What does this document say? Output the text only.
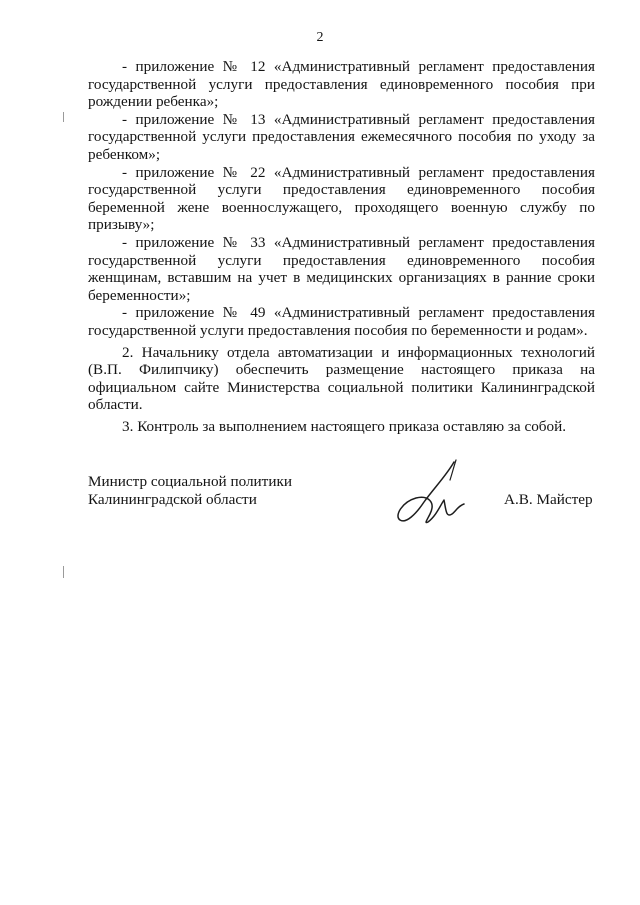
2

- приложение № 12 «Административный регламент предоставления государственной услуги предоставления единовременного пособия при рождении ребенка»;

- приложение № 13 «Административный регламент предоставления государственной услуги предоставления ежемесячного пособия по уходу за ребенком»;

- приложение № 22 «Административный регламент предоставления государственной услуги предоставления единовременного пособия беременной жене военнослужащего, проходящего военную службу по призыву»;

- приложение № 33 «Административный регламент предоставления государственной услуги предоставления единовременного пособия женщинам, вставшим на учет в медицинских организациях в ранние сроки беременности»;

- приложение № 49 «Административный регламент предоставления государственной услуги предоставления пособия по беременности и родам».

2. Начальнику отдела автоматизации и информационных технологий (В.П. Филипчику) обеспечить размещение настоящего приказа на официальном сайте Министерства социальной политики Калининградской области.

3. Контроль за выполнением настоящего приказа оставляю за собой.

Министр социальной политики
Калининградской области	А.В. Майстер
